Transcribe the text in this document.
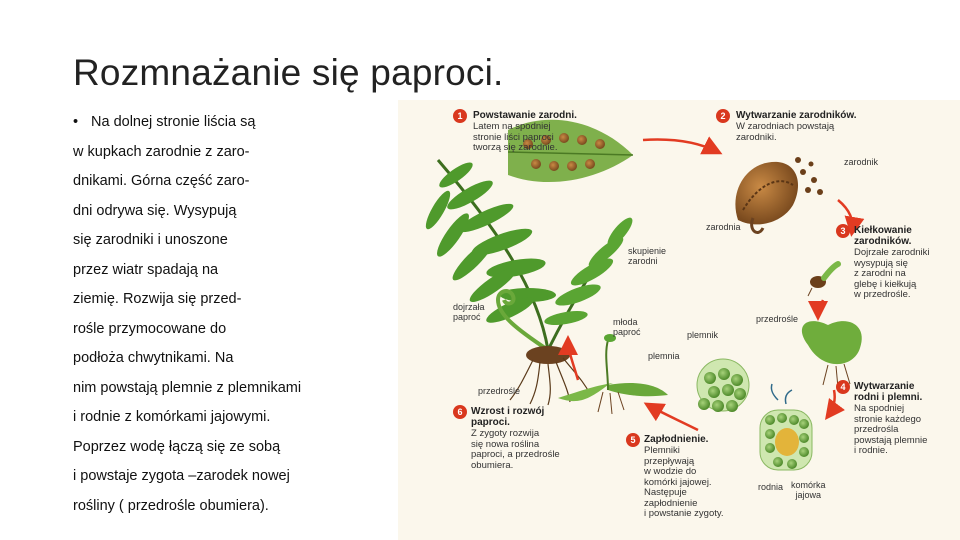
Rozmnażanie się paproci.
• Na dolnej stronie liścia są
w kupkach zarodnie z zaro-
dnikami. Górna część zaro-
dni odrywa się. Wysypują
się zarodniki i unoszone
przez wiatr spadają na
ziemię. Rozwija się przed-
rośle przymocowane do
podłoża chwytnikami. Na
nim powstają plemnie z plemnikami
i rodnie z komórkami jajowymi.
Poprzez wodę łączą się ze sobą
i powstaje zygota –zarodek nowej
rośliny ( przedrośle obumiera).
1	Powstawanie zarodni.
Latem na spodniej
stronie liści paproci
tworzą się zarodnie.
2	Wytwarzanie zarodników.
W zarodniach powstają
zarodniki.
3 Kiełkowanie
zarodników.
Dojrzałe zarodniki
wysypują się
z zarodni na
glebę i kiełkują
w przedrośle.
4 Wytwarzanie
rodni i plemni.
Na spodniej
stronie każdego
przedrośla
powstają plemnie
i rodnie.
5 Zapłodnienie.
Plemniki
przepływają
w wodzie do
komórki jajowej.
Następuje
zapłodnienie
i powstanie zygoty.
6 Wzrost i rozwój
paproci.
Z zygoty rozwija
się nowa roślina
paproci, a przedrośle
obumiera.
zarodnik
zarodnia
skupienie
zarodni
dojrzała
paproć	młoda
paproć	plemnik
plemnia
przedrośle
przedrośle
rodnia komórka
jajowa
